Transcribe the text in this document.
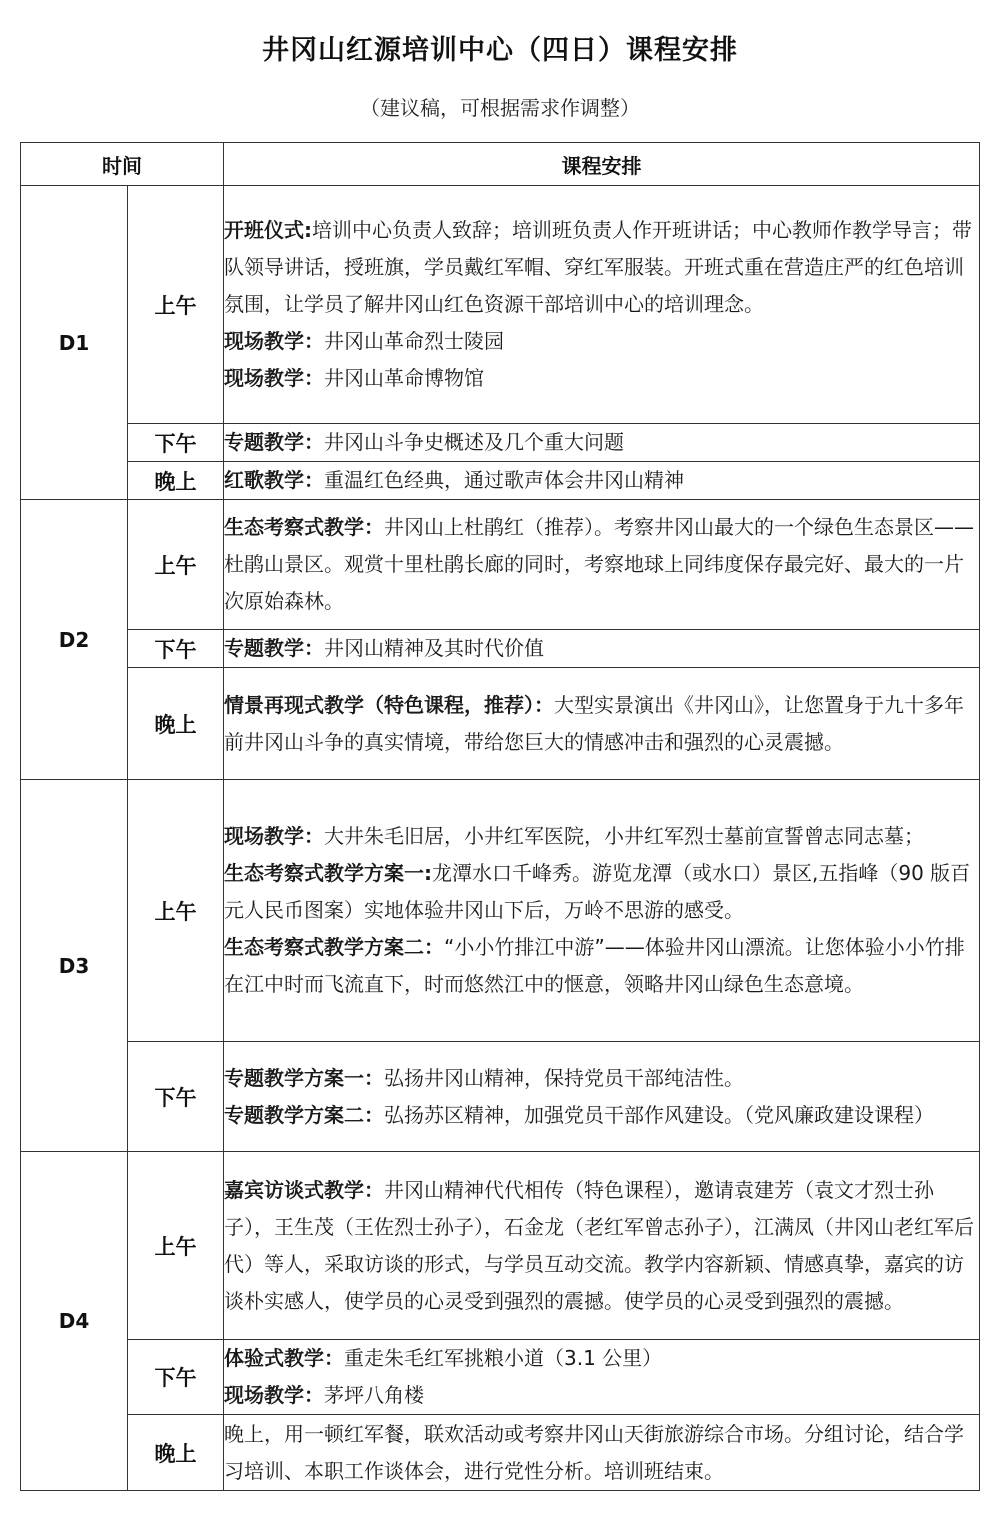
井冈山红源培训中心（四日）课程安排
（建议稿，可根据需求作调整）
时间		课程安排
D1	上午	开班仪式:培训中心负责人致辞；培训班负责人作开班讲话；中心教师作教学导言；带队领导讲话，授班旗，学员戴红军帽、穿红军服装。开班式重在营造庄严的红色培训氛围，让学员了解井冈山红色资源干部培训中心的培训理念。
现场教学：井冈山革命烈士陵园
现场教学：井冈山革命博物馆

	下午	专题教学：井冈山斗争史概述及几个重大问题

	晚上	红歌教学：重温红色经典，通过歌声体会井冈山精神

D2	上午	生态考察式教学：井冈山上杜鹃红（推荐）。考察井冈山最大的一个绿色生态景区——杜鹃山景区。观赏十里杜鹃长廊的同时，考察地球上同纬度保存最完好、最大的一片次原始森林。

	下午	专题教学：井冈山精神及其时代价值

	晚上	情景再现式教学（特色课程，推荐）：大型实景演出《井冈山》，让您置身于九十多年前井冈山斗争的真实情境，带给您巨大的情感冲击和强烈的心灵震撼。

D3	上午	现场教学：大井朱毛旧居，小井红军医院，小井红军烈士墓前宣誓曾志同志墓；
生态考察式教学方案一:龙潭水口千峰秀。游览龙潭（或水口）景区,五指峰（90 版百元人民币图案）实地体验井冈山下后，万岭不思游的感受。
生态考察式教学方案二：“小小竹排江中游”——体验井冈山漂流。让您体验小小竹排在江中时而飞流直下，时而悠然江中的惬意，领略井冈山绿色生态意境。

	下午	专题教学方案一：弘扬井冈山精神，保持党员干部纯洁性。
专题教学方案二：弘扬苏区精神，加强党员干部作风建设。（党风廉政建设课程）

D4	上午	嘉宾访谈式教学：井冈山精神代代相传（特色课程），邀请袁建芳（袁文才烈士孙子），王生茂（王佐烈士孙子），石金龙（老红军曾志孙子），江满凤（井冈山老红军后代）等人，采取访谈的形式，与学员互动交流。教学内容新颖、情感真挚，嘉宾的访谈朴实感人，使学员的心灵受到强烈的震撼。使学员的心灵受到强烈的震撼。

	下午	体验式教学：重走朱毛红军挑粮小道（3.1 公里）
现场教学：茅坪八角楼

	晚上	晚上，用一顿红军餐，联欢活动或考察井冈山天街旅游综合市场。分组讨论，结合学习培训、本职工作谈体会，进行党性分析。培训班结束。
